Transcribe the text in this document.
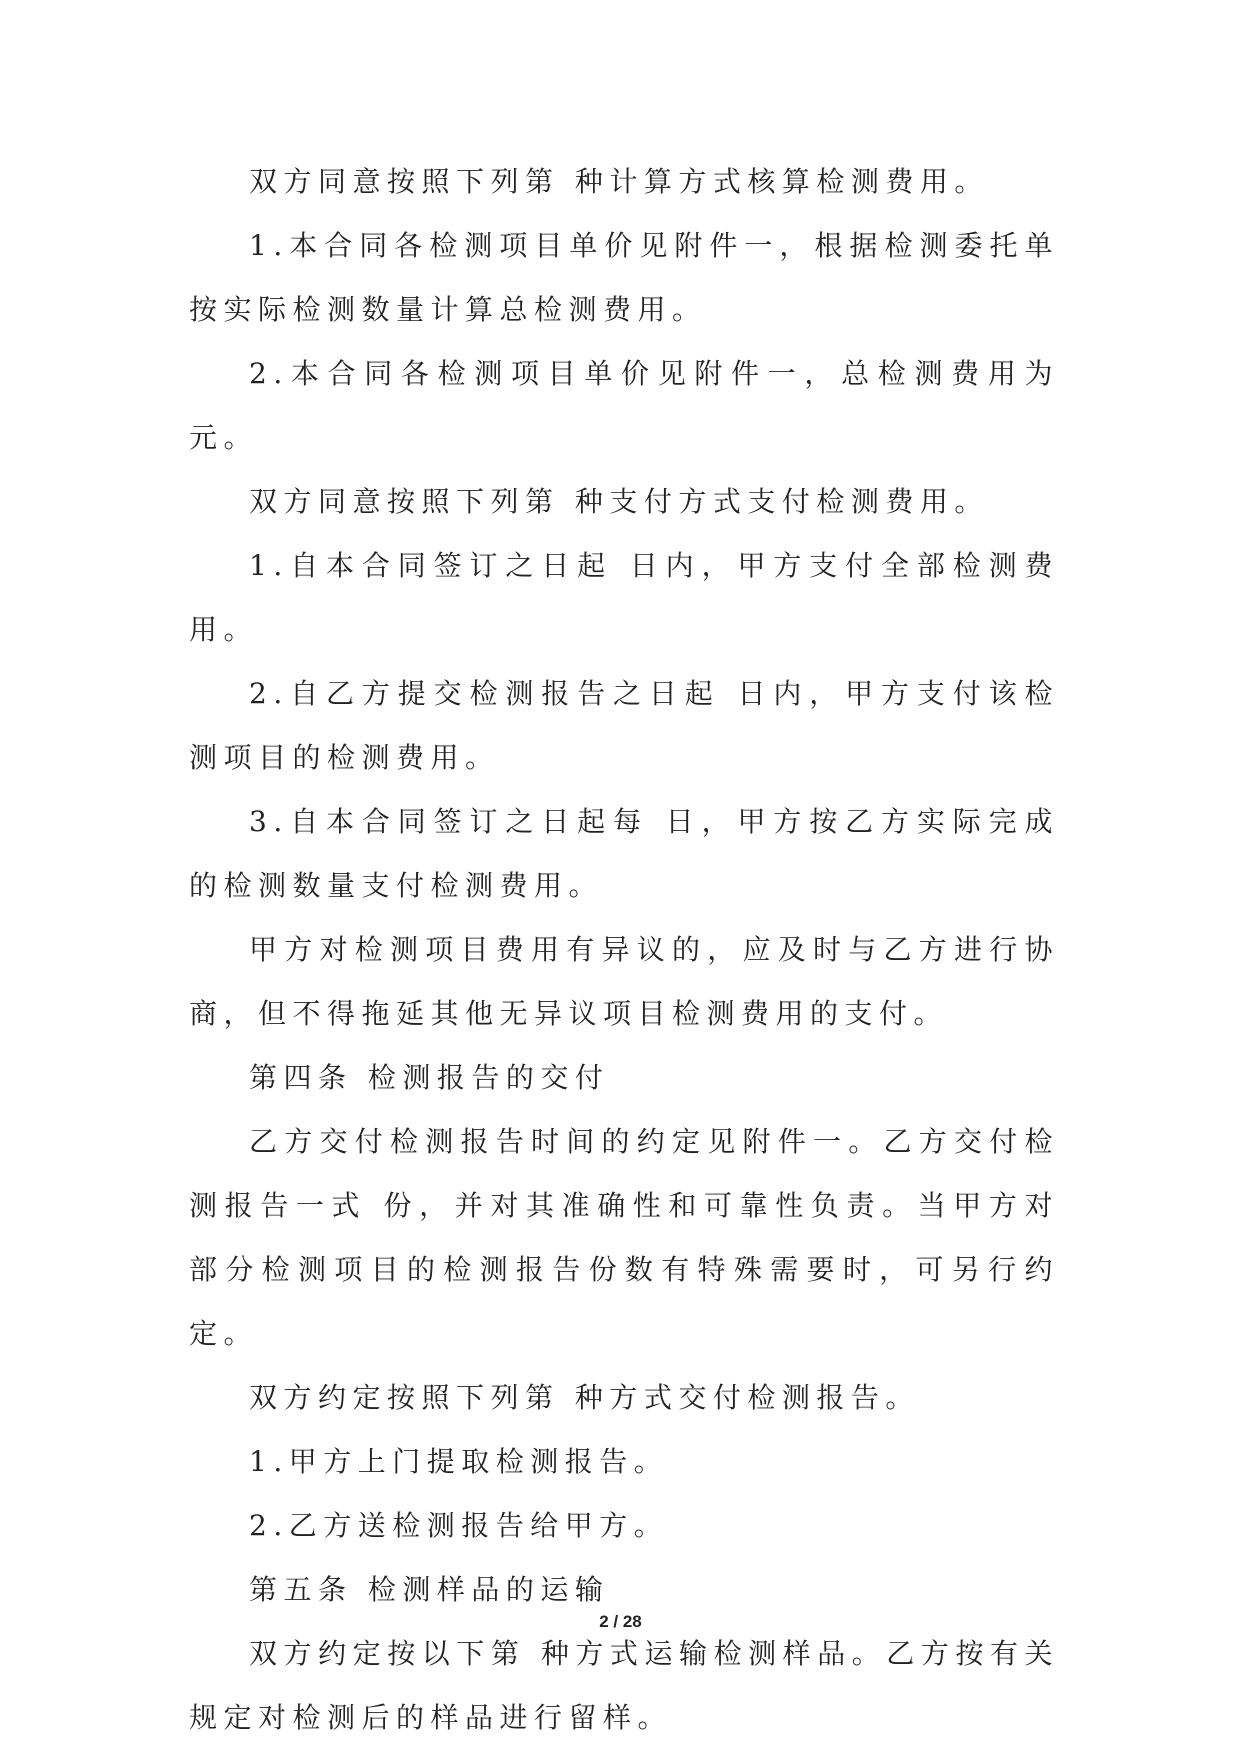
双方同意按照下列第 种计算方式核算检测费用。

1.本合同各检测项目单价见附件一，根据检测委托单按实际检测数量计算总检测费用。

2.本合同各检测项目单价见附件一，总检测费用为 元。

双方同意按照下列第 种支付方式支付检测费用。

1.自本合同签订之日起 日内，甲方支付全部检测费用。

2.自乙方提交检测报告之日起 日内，甲方支付该检测项目的检测费用。

3.自本合同签订之日起每 日，甲方按乙方实际完成的检测数量支付检测费用。

甲方对检测项目费用有异议的，应及时与乙方进行协商，但不得拖延其他无异议项目检测费用的支付。

第四条 检测报告的交付

乙方交付检测报告时间的约定见附件一。乙方交付检测报告一式 份，并对其准确性和可靠性负责。当甲方对部分检测项目的检测报告份数有特殊需要时，可另行约定。

双方约定按照下列第 种方式交付检测报告。

1.甲方上门提取检测报告。

2.乙方送检测报告给甲方。

第五条 检测样品的运输

双方约定按以下第 种方式运输检测样品。乙方按有关规定对检测后的样品进行留样。

2 / 28
